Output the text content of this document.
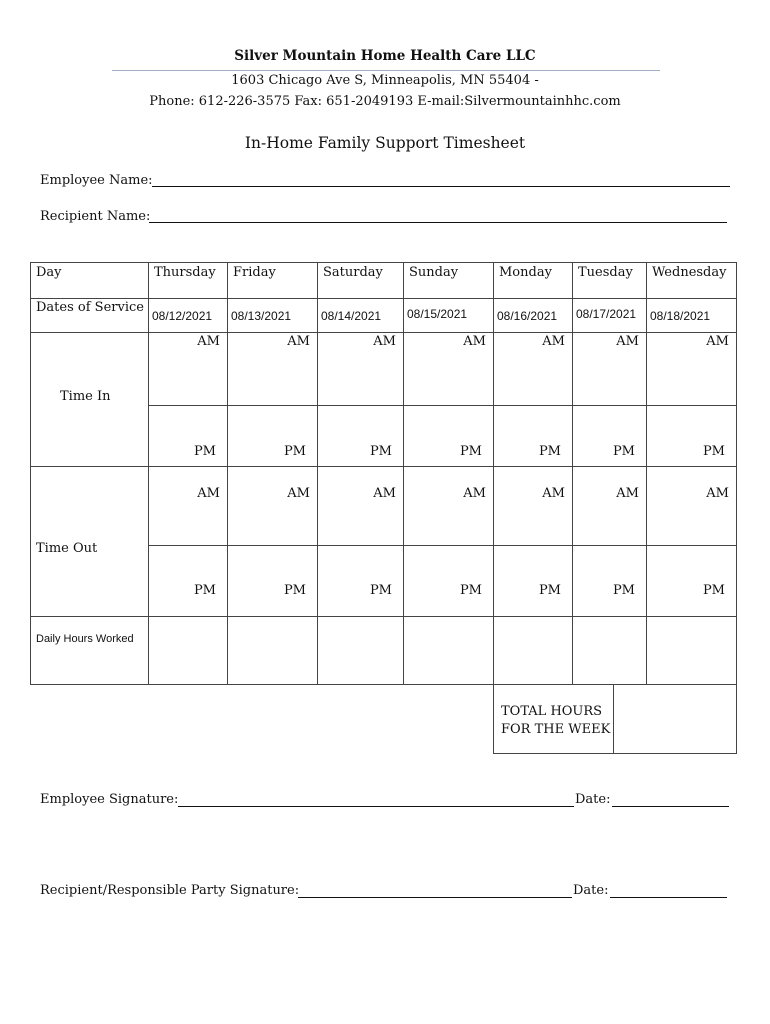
Silver Mountain Home Health Care LLC
1603 Chicago Ave S, Minneapolis, MN 55404 -
Phone: 612-226-3575 Fax: 651-2049193 E-mail:Silvermountainhhc.com
In-Home Family Support Timesheet
Employee Name:
Recipient Name:
Day
Dates of Service
Time In
Time Out
Daily Hours Worked
Thursday
08/12/2021
AM
PM
AM
PM
Friday
08/13/2021
AM
PM
AM
PM
Saturday
08/14/2021
AM
PM
AM
PM
Sunday
08/15/2021
AM
PM
AM
PM
Monday
08/16/2021
AM
PM
AM
PM
Tuesday
08/17/2021
AM
PM
AM
PM
Wednesday
08/18/2021
AM
PM
AM
PM
TOTAL HOURS
FOR THE WEEK
Employee Signature:	Date:
Recipient/Responsible Party Signature:	Date:
